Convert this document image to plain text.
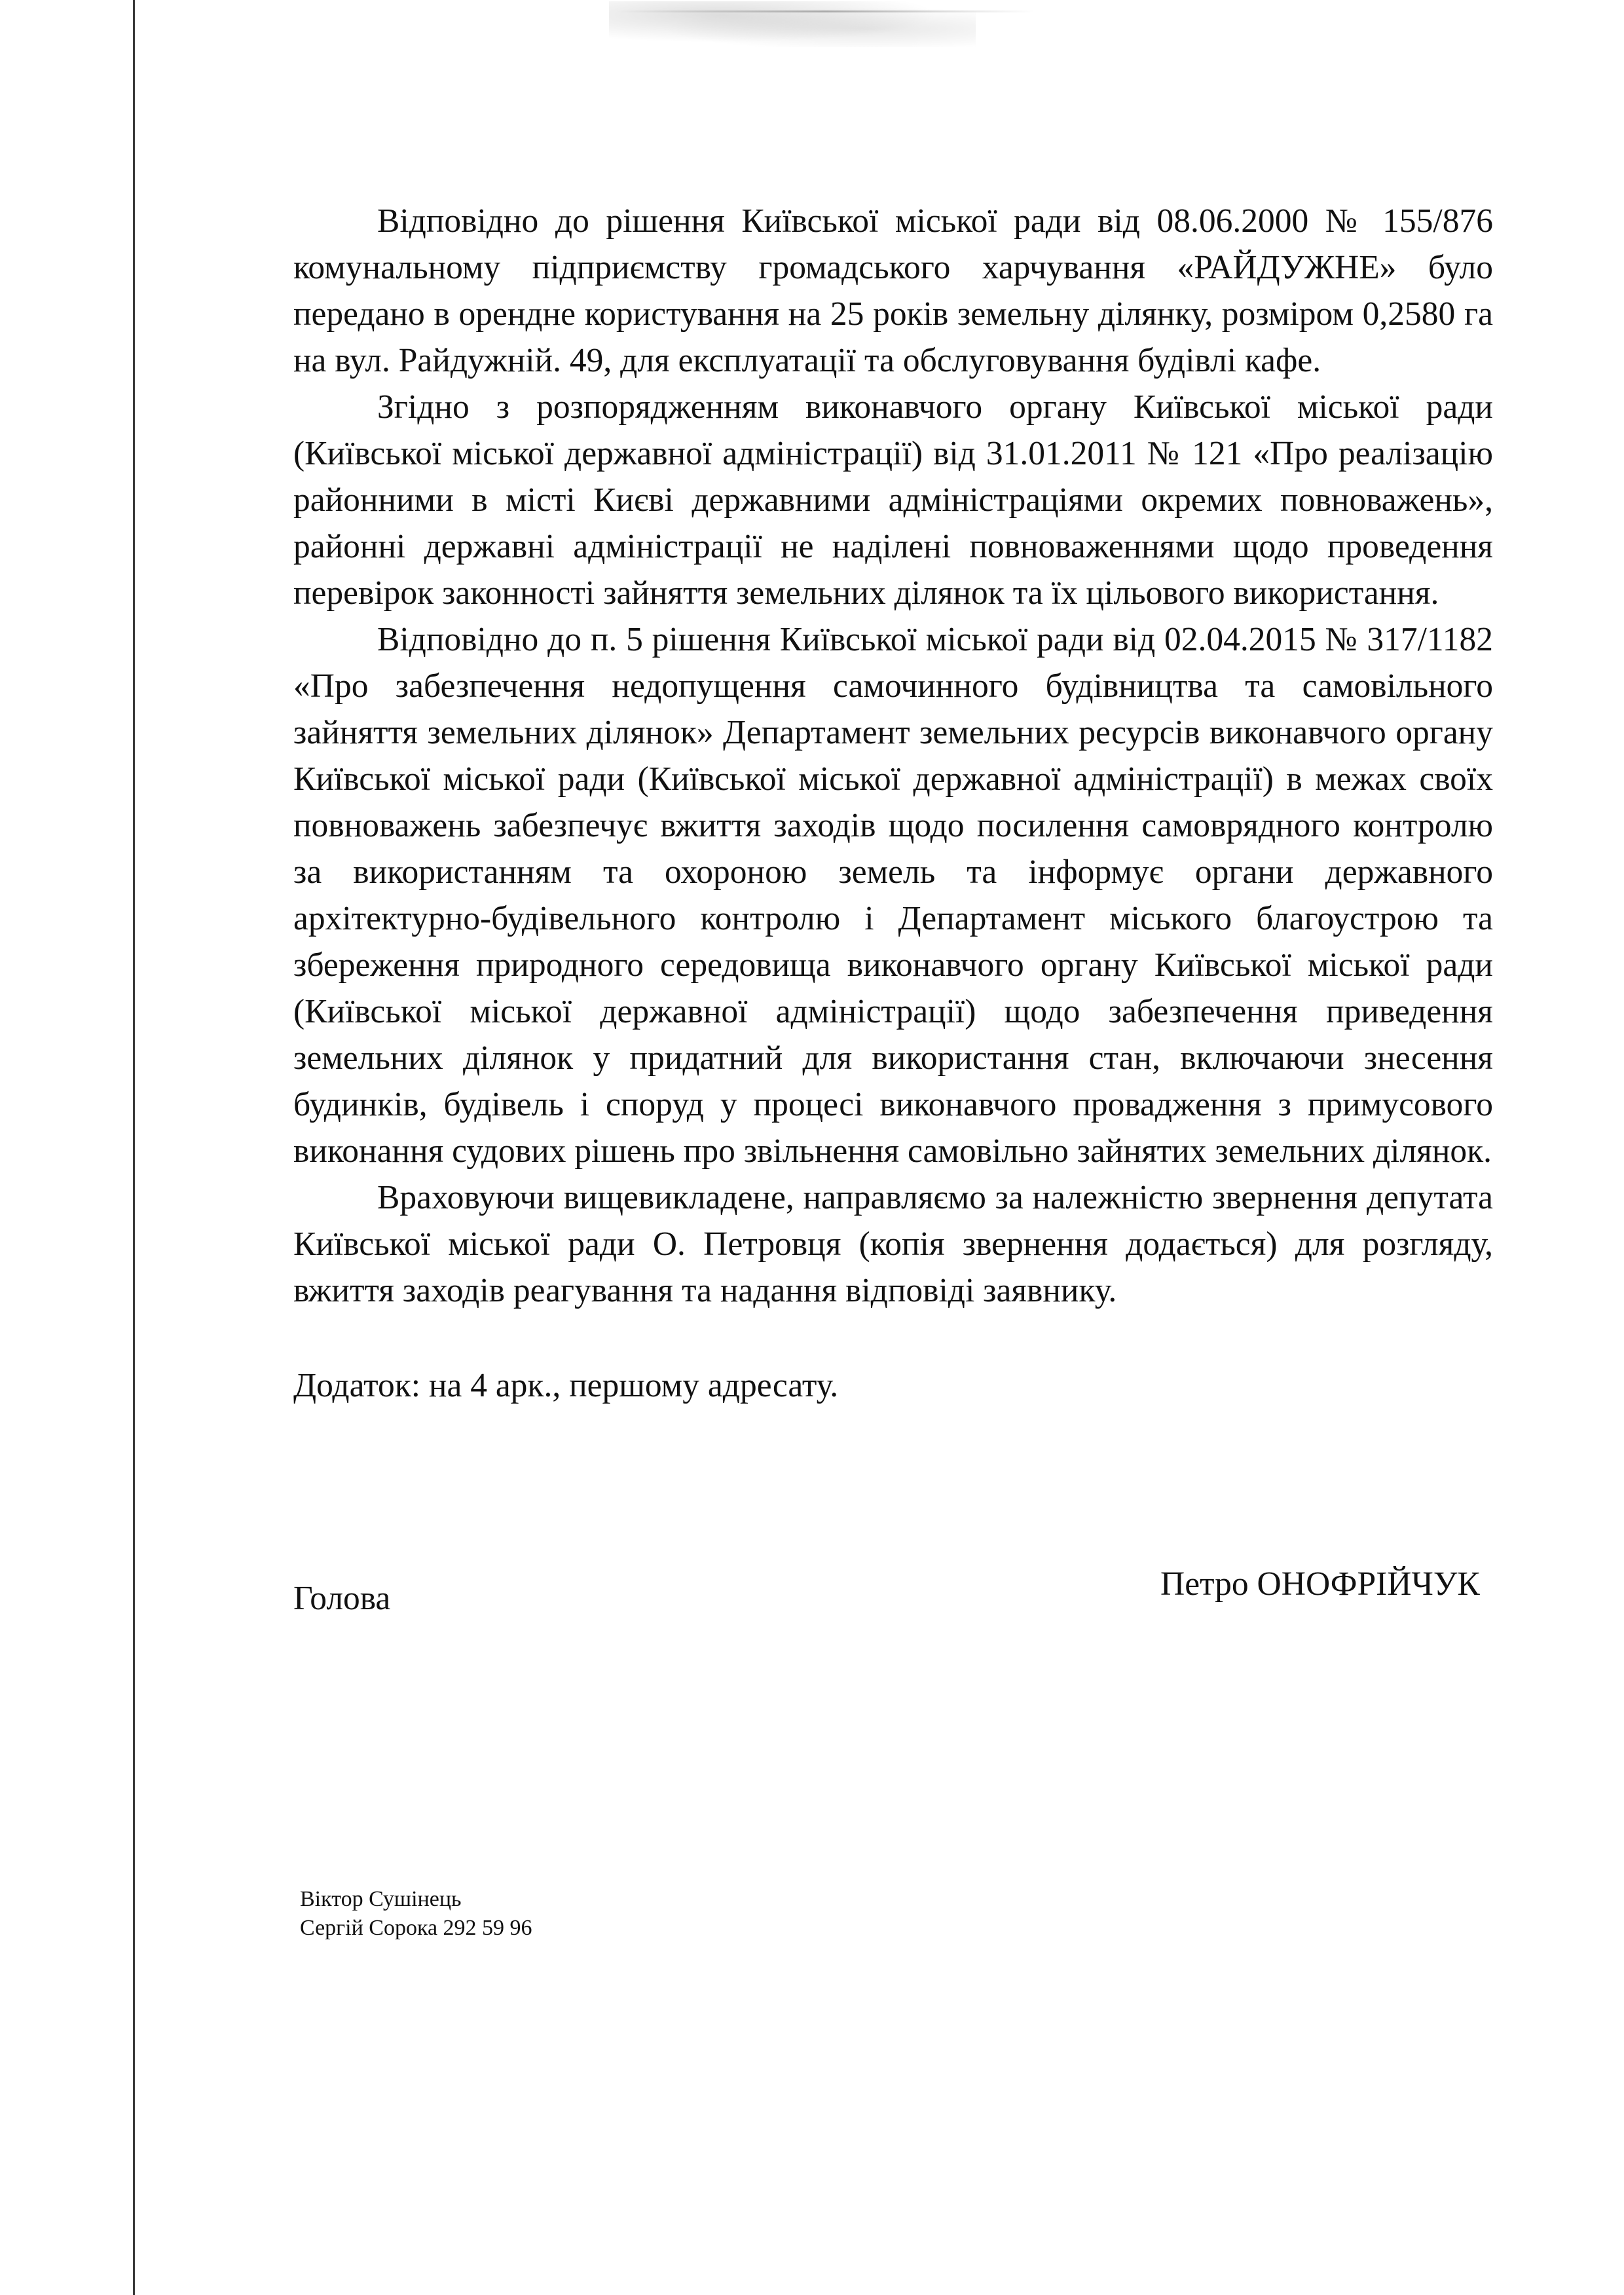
Відповідно до рішення Київської міської ради від 08.06.2000 № 155/876 комунальному підприємству громадського харчування «РАЙДУЖНЕ» було передано в орендне користування на 25 років земельну ділянку, розміром 0,2580 га на вул. Райдужній. 49, для експлуатації та обслуговування будівлі кафе.

Згідно з розпорядженням виконавчого органу Київської міської ради (Київської міської державної адміністрації) від 31.01.2011 № 121 «Про реалізацію районними в місті Києві державними адміністраціями окремих повноважень», районні державні адміністрації не наділені повноваженнями щодо проведення перевірок законності зайняття земельних ділянок та їх цільового використання.

Відповідно до п. 5 рішення Київської міської ради від 02.04.2015 № 317/1182 «Про забезпечення недопущення самочинного будівництва та самовільного зайняття земельних ділянок» Департамент земельних ресурсів виконавчого органу Київської міської ради (Київської міської державної адміністрації) в межах своїх повноважень забезпечує вжиття заходів щодо посилення самоврядного контролю за використанням та охороною земель та інформує органи державного архітектурно-будівельного контролю і Департамент міського благоустрою та збереження природного середовища виконавчого органу Київської міської ради (Київської міської державної адміністрації) щодо забезпечення приведення земельних ділянок у придатний для використання стан, включаючи знесення будинків, будівель і споруд у процесі виконавчого провадження з примусового виконання судових рішень про звільнення самовільно зайнятих земельних ділянок.

Враховуючи вищевикладене, направляємо за належністю звернення депутата Київської міської ради О. Петровця (копія звернення додається) для розгляду, вжиття заходів реагування та надання відповіді заявнику.

Додаток: на 4 арк., першому адресату.

Голова	Петро ОНОФРІЙЧУК

Віктор Сушінець
Сергій Сорока 292 59 96
